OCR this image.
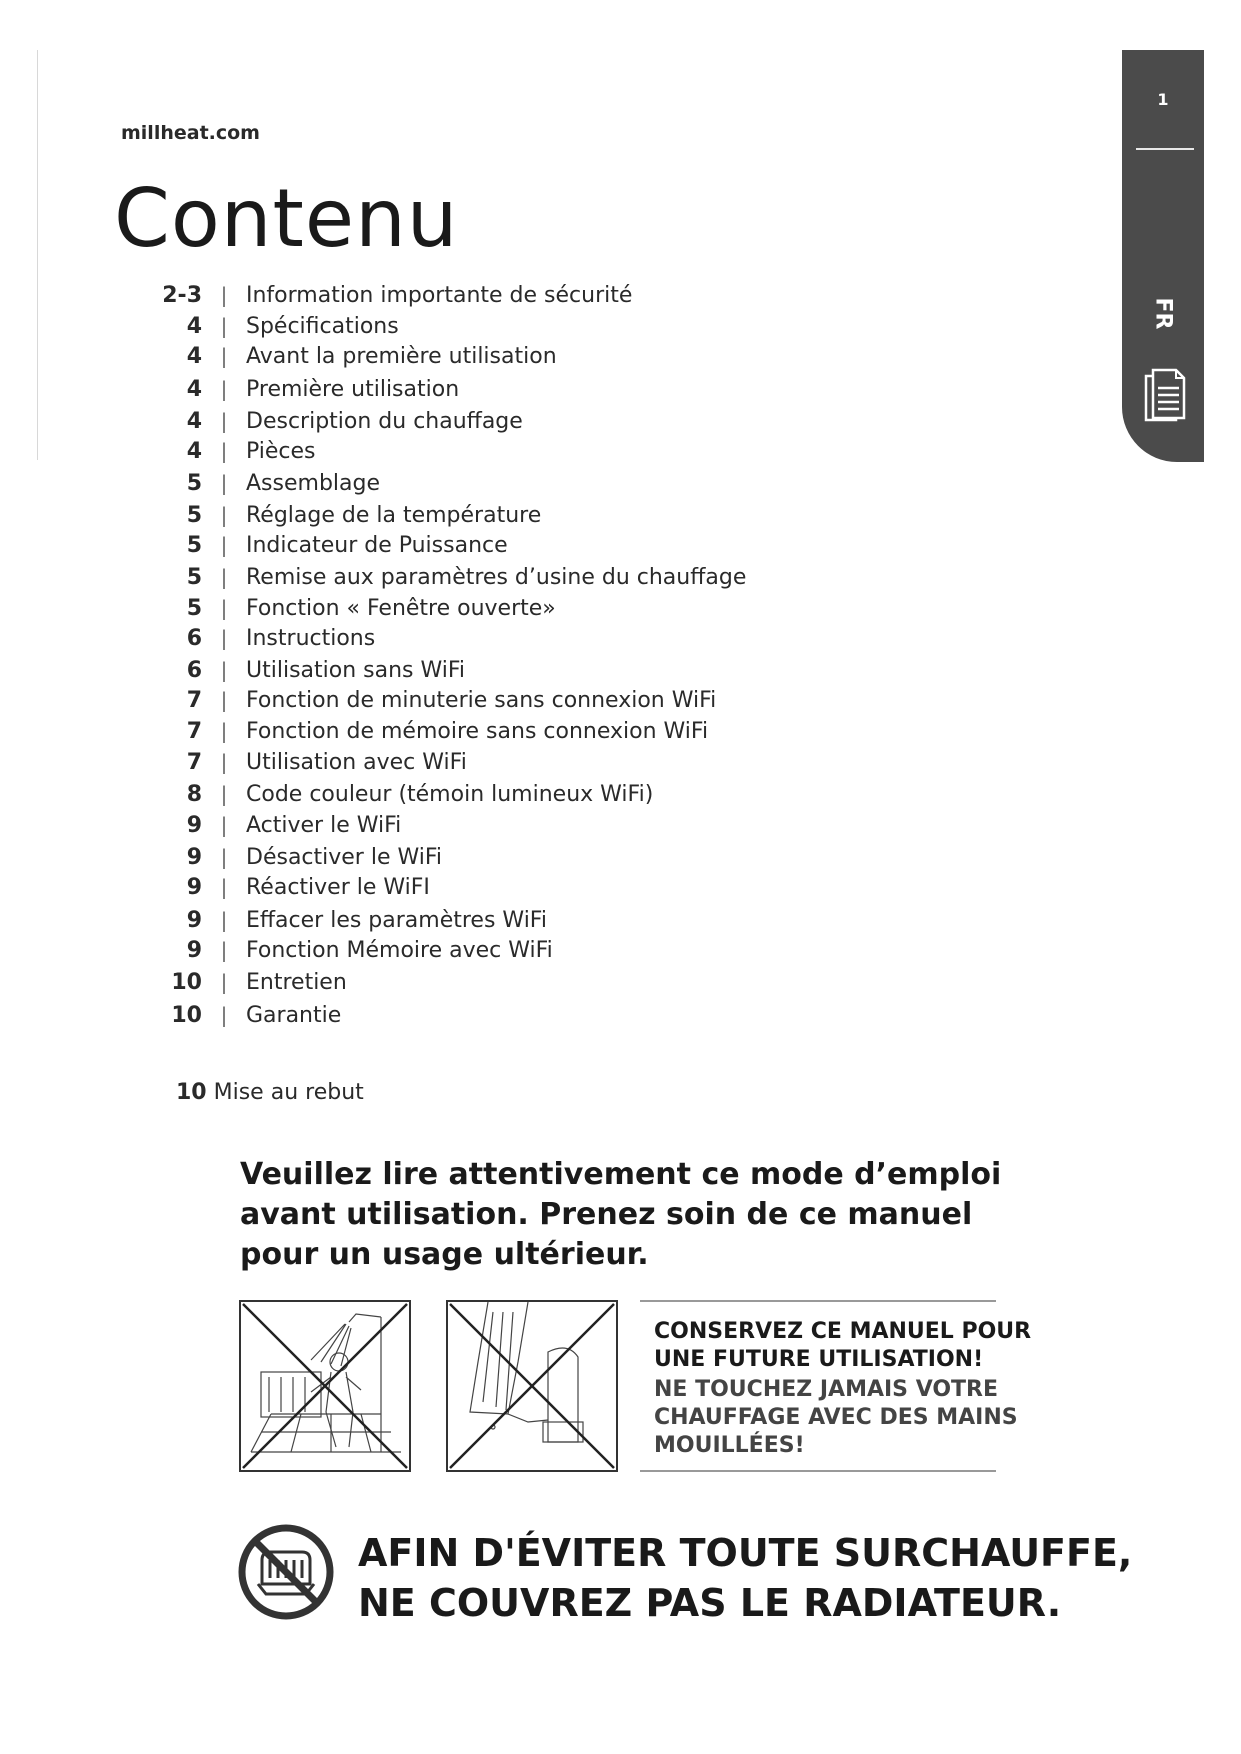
millheat.com
Contenu
2-3 | Information importante de sécurité
4 | Spécifications
4 | Avant la première utilisation
4 | Première utilisation
4 | Description du chauffage
4 | Pièces
5 | Assemblage
5 | Réglage de la température
5 | Indicateur de Puissance
5 | Remise aux paramètres d’usine du chauffage
5 | Fonction « Fenêtre ouverte»
6 | Instructions
6 | Utilisation sans WiFi
7 | Fonction de minuterie sans connexion WiFi
7 | Fonction de mémoire sans connexion WiFi
7 | Utilisation avec WiFi
8 | Code couleur (témoin lumineux WiFi)
9 | Activer le WiFi
9 | Désactiver le WiFi
9 | Réactiver le WiFI
9 | Effacer les paramètres WiFi
9 | Fonction Mémoire avec WiFi
10 | Entretien
10 | Garantie
10 Mise au rebut
1
FR
Veuillez lire attentivement ce mode d’emploi
avant utilisation. Prenez soin de ce manuel
pour un usage ultérieur.
CONSERVEZ CE MANUEL POUR
UNE FUTURE UTILISATION!
NE TOUCHEZ JAMAIS VOTRE
CHAUFFAGE AVEC DES MAINS
MOUILLÉES!
AFIN D'ÉVITER TOUTE SURCHAUFFE,
NE COUVREZ PAS LE RADIATEUR.
